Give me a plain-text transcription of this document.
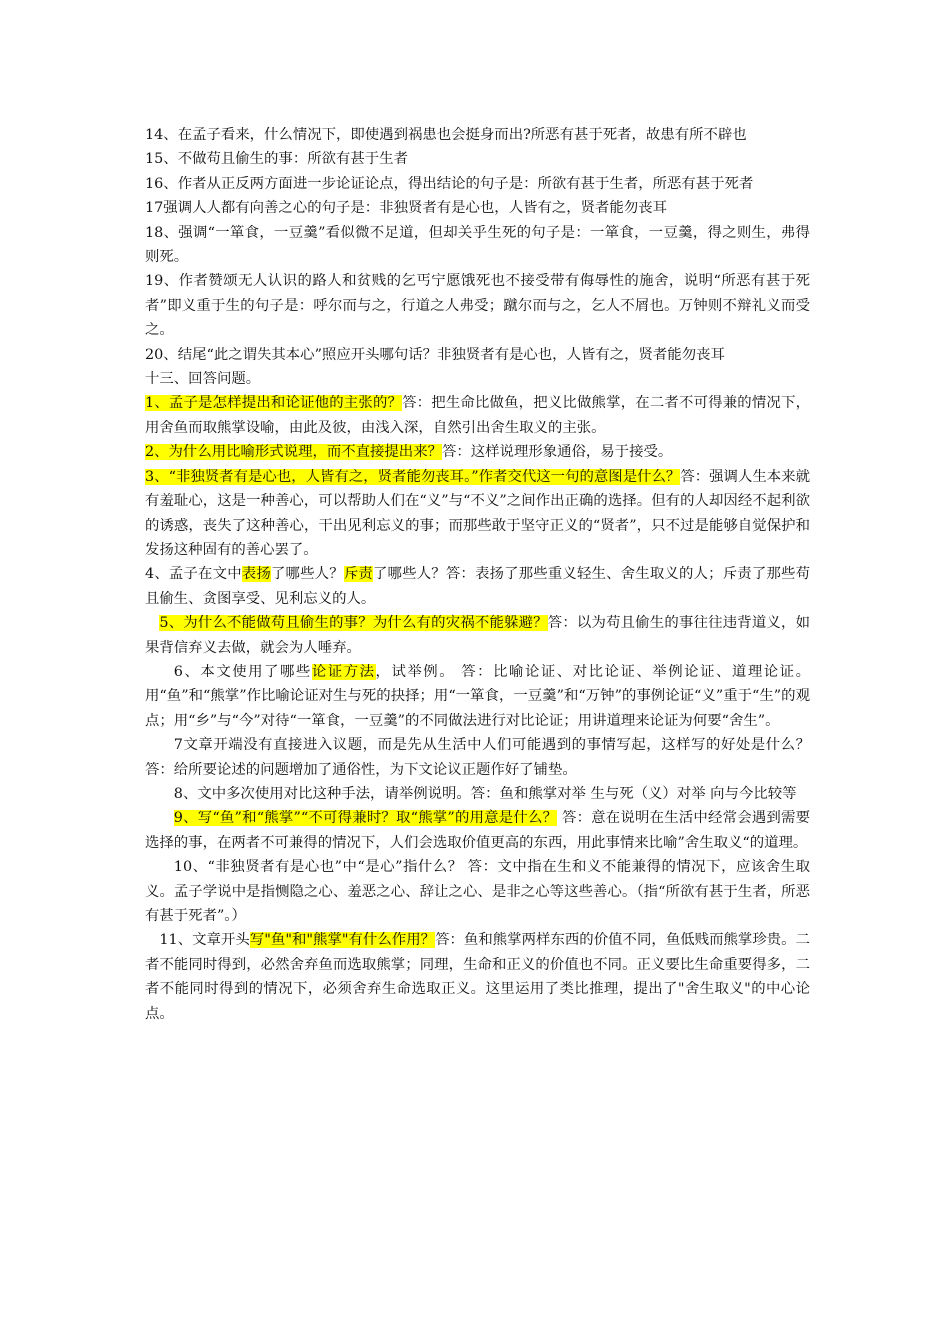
14、在孟子看来，什么情况下，即使遇到祸患也会挺身而出?所恶有甚于死者，故患有所不辟也

15、不做苟且偷生的事：所欲有甚于生者

16、作者从正反两方面进一步论证论点，得出结论的句子是：所欲有甚于生者，所恶有甚于死者

17强调人人都有向善之心的句子是：非独贤者有是心也，人皆有之，贤者能勿丧耳

18、强调“一箪食，一豆羹”看似微不足道，但却关乎生死的句子是：一箪食，一豆羹，得之则生，弗得则死。

19、作者赞颂无人认识的路人和贫贱的乞丐宁愿饿死也不接受带有侮辱性的施舍，说明“所恶有甚于死者”即义重于生的句子是：呼尔而与之，行道之人弗受；蹴尔而与之，乞人不屑也。万钟则不辩礼义而受之。

20、结尾“此之谓失其本心”照应开头哪句话？非独贤者有是心也，人皆有之，贤者能勿丧耳

十三、回答问题。

1、孟子是怎样提出和论证他的主张的？答：把生命比做鱼，把义比做熊掌，在二者不可得兼的情况下，用舍鱼而取熊掌设喻，由此及彼，由浅入深，自然引出舍生取义的主张。

2、为什么用比喻形式说理，而不直接提出来？答：这样说理形象通俗，易于接受。

3、“非独贤者有是心也，人皆有之，贤者能勿丧耳。”作者交代这一句的意图是什么？答：强调人生本来就有羞耻心，这是一种善心，可以帮助人们在“义”与“不义”之间作出正确的选择。但有的人却因经不起利欲的诱惑，丧失了这种善心，干出见利忘义的事；而那些敢于坚守正义的“贤者”，只不过是能够自觉保护和发扬这种固有的善心罢了。

4、孟子在文中表扬了哪些人？斥责了哪些人？答：表扬了那些重义轻生、舍生取义的人；斥责了那些苟且偷生、贪图享受、见利忘义的人。

5、为什么不能做苟且偷生的事？为什么有的灾祸不能躲避？答：以为苟且偷生的事往往违背道义，如果背信弃义去做，就会为人唾弃。

6、本文使用了哪些论证方法，试举例。 答：比喻论证、对比论证、举例论证、道理论证。用“鱼”和“熊掌”作比喻论证对生与死的抉择；用“一箪食，一豆羹”和“万钟”的事例论证“义”重于“生”的观点；用“乡”与“今”对待“一箪食，一豆羹”的不同做法进行对比论证；用讲道理来论证为何要“舍生”。

7文章开端没有直接进入议题，而是先从生活中人们可能遇到的事情写起，这样写的好处是什么？答：给所要论述的问题增加了通俗性，为下文论议正题作好了铺垫。

8、文中多次使用对比这种手法，请举例说明。答：鱼和熊掌对举 生与死（义）对举 向与今比较等

9、写“鱼”和“熊掌”“不可得兼时？取“熊掌”的用意是什么？ 答：意在说明在生活中经常会遇到需要选择的事，在两者不可兼得的情况下，人们会选取价值更高的东西，用此事情来比喻”舍生取义“的道理。

10、“非独贤者有是心也”中“是心”指什么？ 答：文中指在生和义不能兼得的情况下，应该舍生取义。孟子学说中是指恻隐之心、羞恶之心、辞让之心、是非之心等这些善心。（指“所欲有甚于生者，所恶有甚于死者”。）

11、文章开头写"鱼"和"熊掌"有什么作用？答：鱼和熊掌两样东西的价值不同，鱼低贱而熊掌珍贵。二者不能同时得到，必然舍弃鱼而选取熊掌；同理，生命和正义的价值也不同。正义要比生命重要得多，二者不能同时得到的情况下，必须舍弃生命选取正义。这里运用了类比推理，提出了"舍生取义"的中心论点。
